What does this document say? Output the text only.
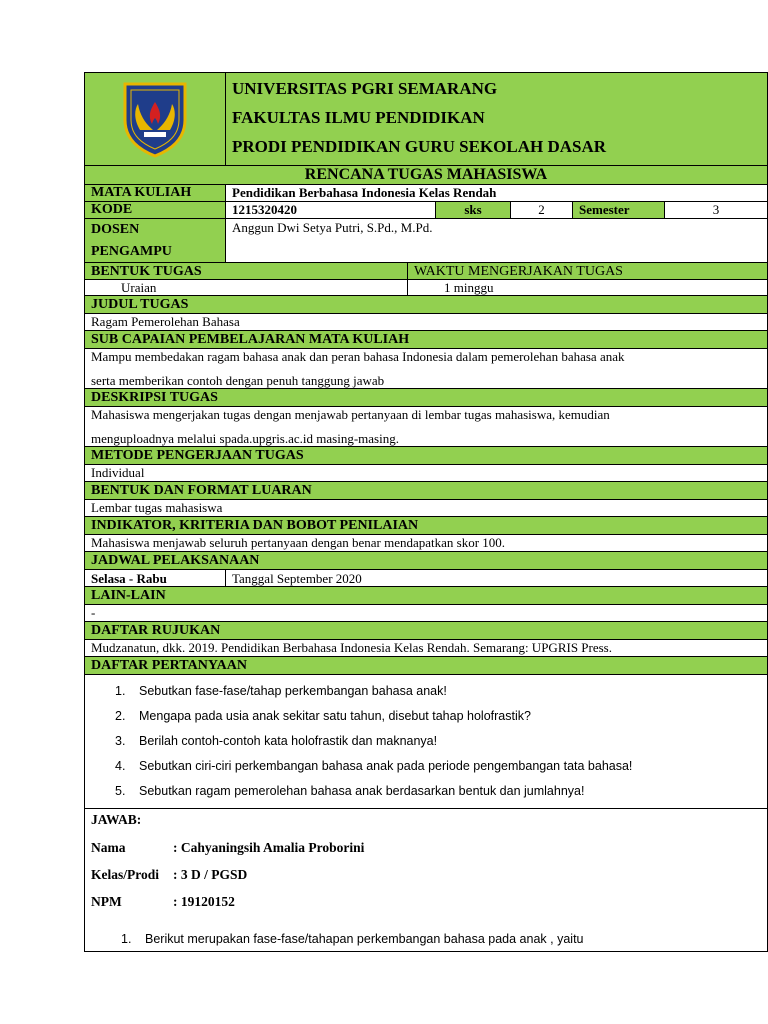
UNIVERSITAS PGRI SEMARANG
FAKULTAS ILMU PENDIDIKAN
PRODI PENDIDIKAN GURU SEKOLAH DASAR
RENCANA TUGAS MAHASISWA
MATA KULIAH	Pendidikan Berbahasa Indonesia Kelas Rendah
KODE	1215320420	sks	2	Semester	3
DOSEN
PENGAMPU
Anggun Dwi Setya Putri, S.Pd., M.Pd.
BENTUK TUGAS	WAKTU MENGERJAKAN TUGAS
Uraian	1 minggu
JUDUL TUGAS
Ragam Pemerolehan Bahasa
SUB CAPAIAN PEMBELAJARAN MATA KULIAH
Mampu membedakan ragam bahasa anak dan peran bahasa Indonesia dalam pemerolehan bahasa anak
serta memberikan contoh dengan penuh tanggung jawab
DESKRIPSI TUGAS
Mahasiswa mengerjakan tugas dengan menjawab pertanyaan di lembar tugas mahasiswa, kemudian
menguploadnya melalui spada.upgris.ac.id masing-masing.
METODE PENGERJAAN TUGAS
Individual
BENTUK DAN FORMAT LUARAN
Lembar tugas mahasiswa
INDIKATOR, KRITERIA DAN BOBOT PENILAIAN
Mahasiswa menjawab seluruh pertanyaan dengan benar mendapatkan skor 100.
JADWAL PELAKSANAAN
Selasa - Rabu	Tanggal September 2020
LAIN-LAIN
-
DAFTAR RUJUKAN
Mudzanatun, dkk. 2019. Pendidikan Berbahasa Indonesia Kelas Rendah. Semarang: UPGRIS Press.
DAFTAR PERTANYAAN
1. Sebutkan fase-fase/tahap perkembangan bahasa anak!
2. Mengapa pada usia anak sekitar satu tahun, disebut tahap holofrastik?
3. Berilah contoh-contoh kata holofrastik dan maknanya!
4. Sebutkan ciri-ciri perkembangan bahasa anak pada periode pengembangan tata bahasa!
5. Sebutkan ragam pemerolehan bahasa anak berdasarkan bentuk dan jumlahnya!
JAWAB:
Nama	: Cahyaningsih Amalia Proborini
Kelas/Prodi : 3 D / PGSD
NPM	: 19120152
1. Berikut merupakan fase-fase/tahapan perkembangan bahasa pada anak , yaitu
